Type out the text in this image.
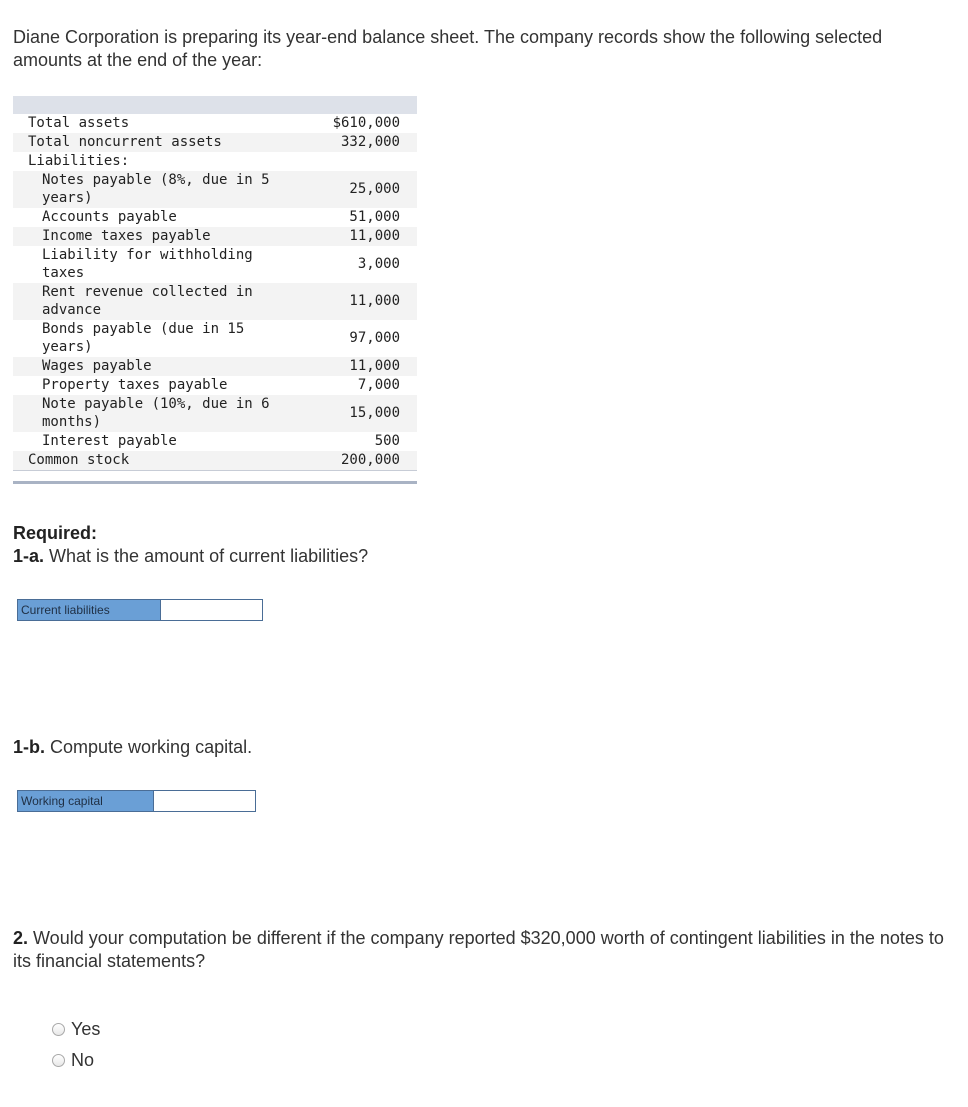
Diane Corporation is preparing its year-end balance sheet. The company records show the following selected amounts at the end of the year:

Total assets	$610,000
Total noncurrent assets	332,000
Liabilities:	
Notes payable (8%, due in 5 years)	25,000
Accounts payable	51,000
Income taxes payable	11,000
Liability for withholding taxes	3,000
Rent revenue collected in advance	11,000
Bonds payable (due in 15 years)	97,000
Wages payable	11,000
Property taxes payable	7,000
Note payable (10%, due in 6 months)	15,000
Interest payable	500
Common stock	200,000

Required:
1-a. What is the amount of current liabilities?

Current liabilities

1-b. Compute working capital.

Working capital

2. Would your computation be different if the company reported $320,000 worth of contingent liabilities in the notes to its financial statements?

Yes
No
